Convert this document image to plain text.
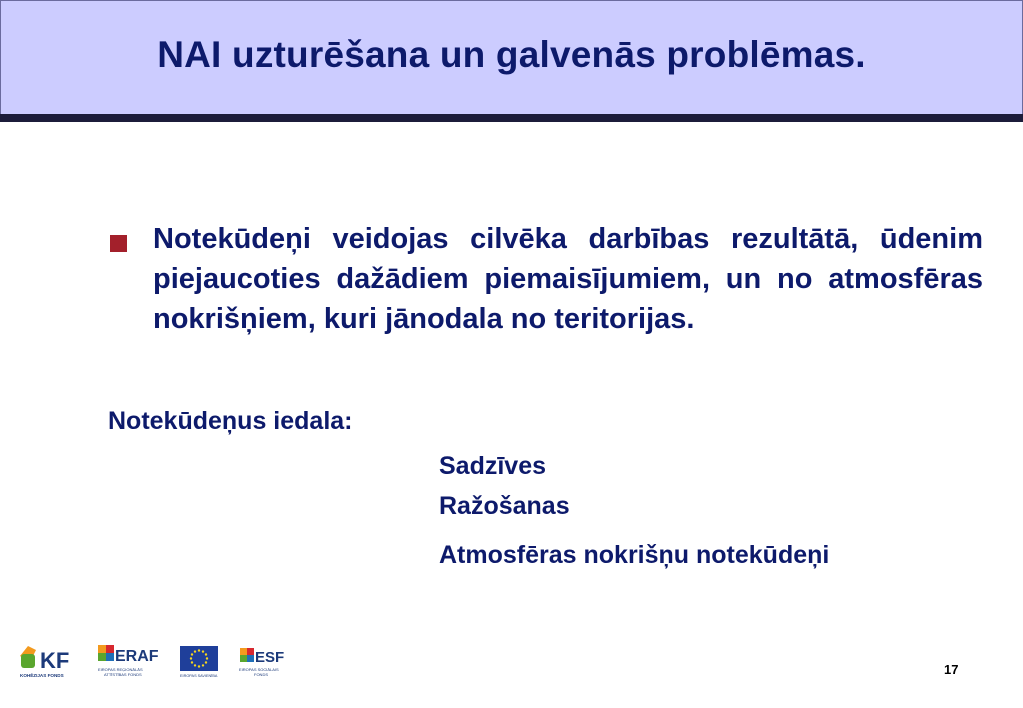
NAI uzturēšana un galvenās problēmas.
Notekūdeņi veidojas cilvēka darbības rezultātā, ūdenim piejaucoties dažādiem piemaisījumiem, un no atmosfēras nokrišņiem, kuri jānodala no teritorijas.
Notekūdeņus iedala:
Sadzīves
Ražošanas
Atmosfēras nokrišņu notekūdeņi
KF
KOHĒZIJAS FONDS
ERAF
EIROPAS REĢIONĀLĀS
ATTĪSTĪBAS FONDS	EIROPAS SAVIENĪBA
ESF
EIROPAS SOCIĀLAIS
FONDS	17
